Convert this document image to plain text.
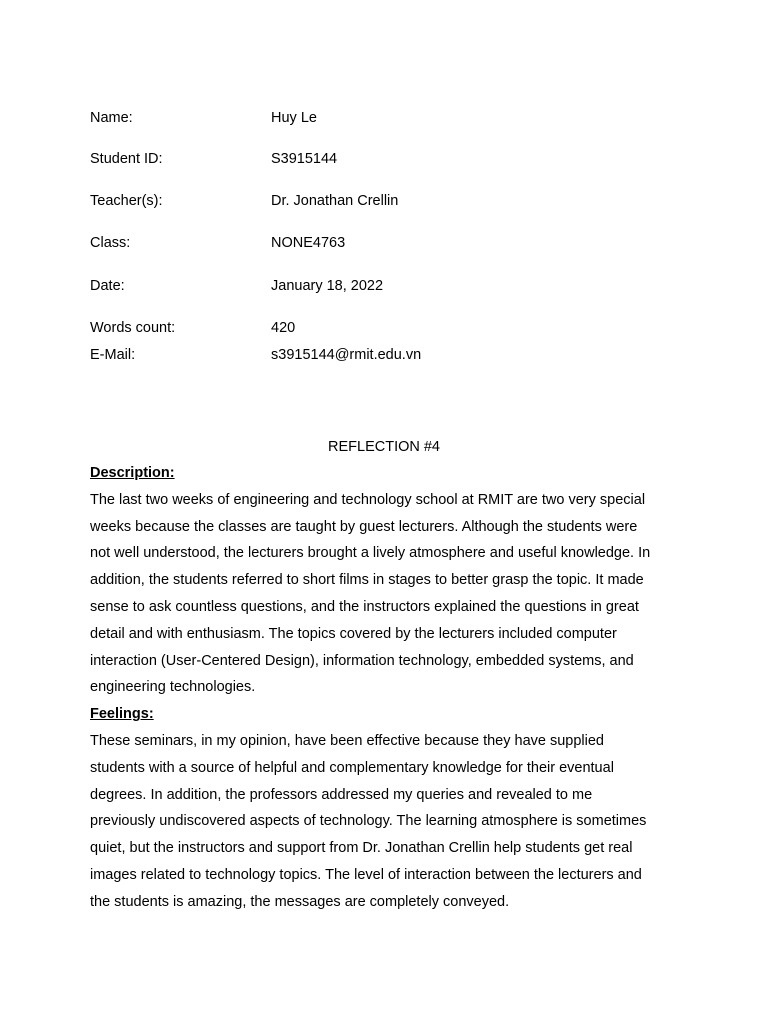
Name:	Huy Le
Student ID:	S3915144
Teacher(s):	Dr. Jonathan Crellin
Class:	NONE4763
Date:	January 18, 2022
Words count:	420
E-Mail:	s3915144@rmit.edu.vn
REFLECTION #4
Description:
The last two weeks of engineering and technology school at RMIT are two very special
weeks because the classes are taught by guest lecturers. Although the students were
not well understood, the lecturers brought a lively atmosphere and useful knowledge. In
addition, the students referred to short films in stages to better grasp the topic. It made
sense to ask countless questions, and the instructors explained the questions in great
detail and with enthusiasm. The topics covered by the lecturers included computer
interaction (User-Centered Design), information technology, embedded systems, and
engineering technologies.
Feelings:
These seminars, in my opinion, have been effective because they have supplied
students with a source of helpful and complementary knowledge for their eventual
degrees. In addition, the professors addressed my queries and revealed to me
previously undiscovered aspects of technology. The learning atmosphere is sometimes
quiet, but the instructors and support from Dr. Jonathan Crellin help students get real
images related to technology topics. The level of interaction between the lecturers and
the students is amazing, the messages are completely conveyed.
